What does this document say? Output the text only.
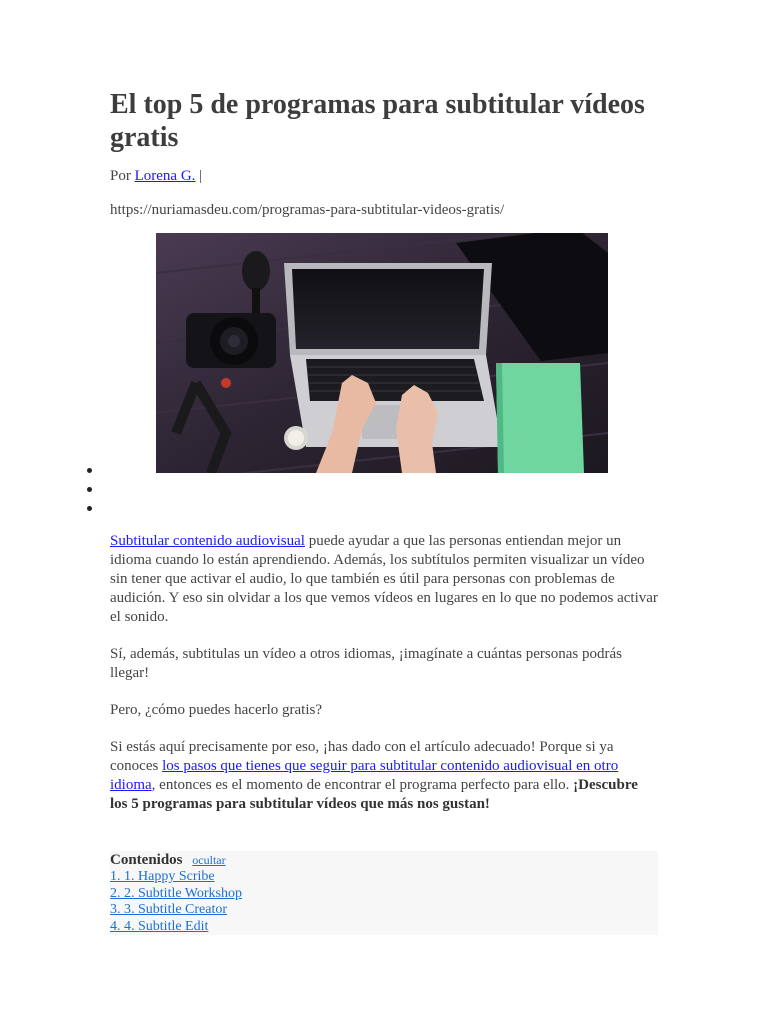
El top 5 de programas para subtitular vídeos gratis
Por Lorena G. |
https://nuriamasdeu.com/programas-para-subtitular-videos-gratis/

Subtitular contenido audiovisual puede ayudar a que las personas entiendan mejor un idioma cuando lo están aprendiendo. Además, los subtítulos permiten visualizar un vídeo sin tener que activar el audio, lo que también es útil para personas con problemas de audición. Y eso sin olvidar a los que vemos vídeos en lugares en lo que no podemos activar el sonido.

Sí, además, subtitulas un vídeo a otros idiomas, ¡imagínate a cuántas personas podrás llegar!

Pero, ¿cómo puedes hacerlo gratis?

Si estás aquí precisamente por eso, ¡has dado con el artículo adecuado! Porque si ya conoces los pasos que tienes que seguir para subtitular contenido audiovisual en otro idioma, entonces es el momento de encontrar el programa perfecto para ello. ¡Descubre los 5 programas para subtitular vídeos que más nos gustan!

Contenidos ocultar
1. 1. Happy Scribe
2. 2. Subtitle Workshop
3. 3. Subtitle Creator
4. 4. Subtitle Edit
